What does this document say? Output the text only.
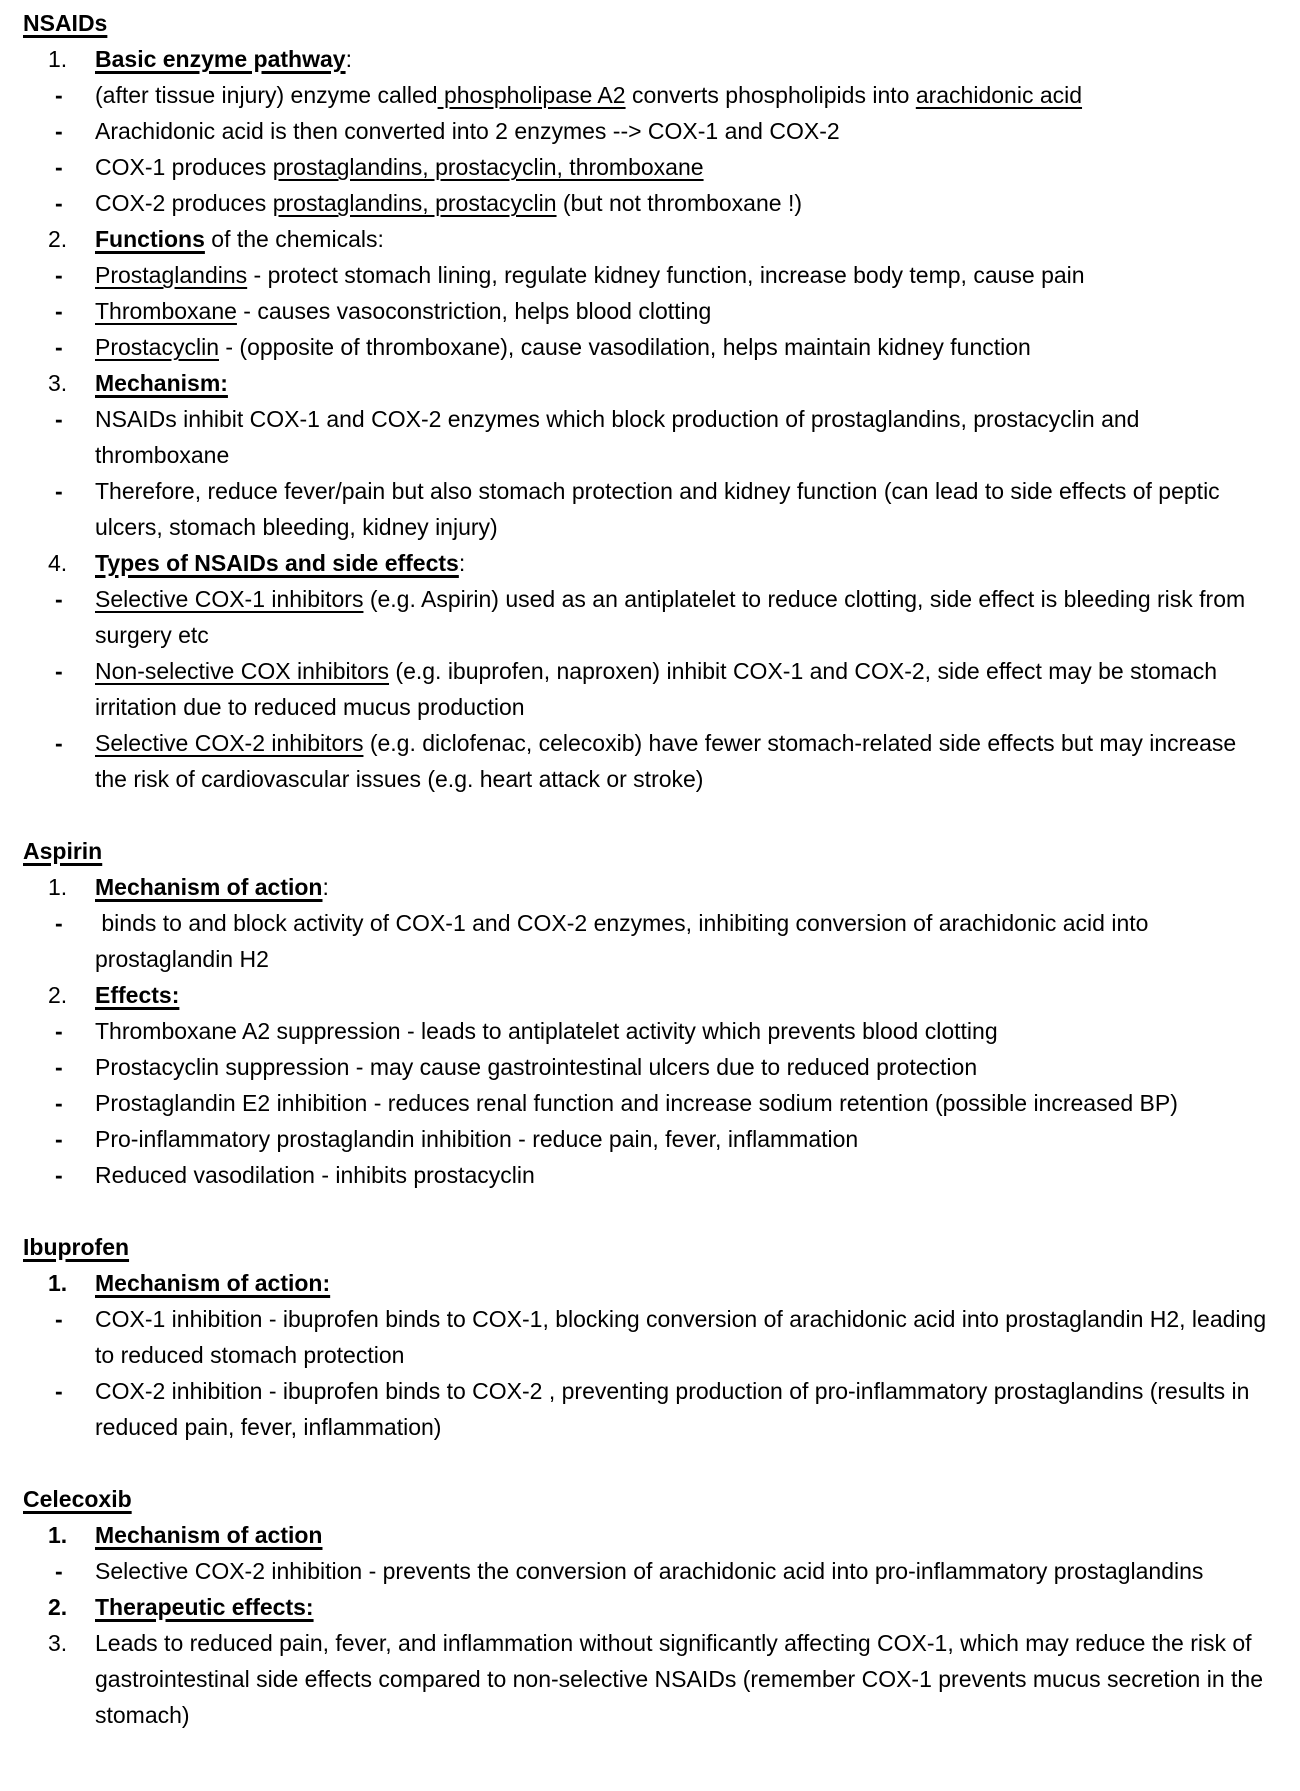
NSAIDs
1. Basic enzyme pathway:
- (after tissue injury) enzyme called phospholipase A2 converts phospholipids into arachidonic acid
- Arachidonic acid is then converted into 2 enzymes --> COX-1 and COX-2
- COX-1 produces prostaglandins, prostacyclin, thromboxane
- COX-2 produces prostaglandins, prostacyclin (but not thromboxane !)
2. Functions of the chemicals:
- Prostaglandins - protect stomach lining, regulate kidney function, increase body temp, cause pain
- Thromboxane - causes vasoconstriction, helps blood clotting
- Prostacyclin - (opposite of thromboxane), cause vasodilation, helps maintain kidney function
3. Mechanism:
- NSAIDs inhibit COX-1 and COX-2 enzymes which block production of prostaglandins, prostacyclin and thromboxane
- Therefore, reduce fever/pain but also stomach protection and kidney function (can lead to side effects of peptic ulcers, stomach bleeding, kidney injury)
4. Types of NSAIDs and side effects:
- Selective COX-1 inhibitors (e.g. Aspirin) used as an antiplatelet to reduce clotting, side effect is bleeding risk from surgery etc
- Non-selective COX inhibitors (e.g. ibuprofen, naproxen) inhibit COX-1 and COX-2, side effect may be stomach irritation due to reduced mucus production
- Selective COX-2 inhibitors (e.g. diclofenac, celecoxib) have fewer stomach-related side effects but may increase the risk of cardiovascular issues (e.g. heart attack or stroke)
Aspirin
1. Mechanism of action:
- binds to and block activity of COX-1 and COX-2 enzymes, inhibiting conversion of arachidonic acid into prostaglandin H2
2. Effects:
- Thromboxane A2 suppression - leads to antiplatelet activity which prevents blood clotting
- Prostacyclin suppression - may cause gastrointestinal ulcers due to reduced protection
- Prostaglandin E2 inhibition - reduces renal function and increase sodium retention (possible increased BP)
- Pro-inflammatory prostaglandin inhibition - reduce pain, fever, inflammation
- Reduced vasodilation - inhibits prostacyclin
Ibuprofen
1. Mechanism of action:
- COX-1 inhibition - ibuprofen binds to COX-1, blocking conversion of arachidonic acid into prostaglandin H2, leading to reduced stomach protection
- COX-2 inhibition - ibuprofen binds to COX-2 , preventing production of pro-inflammatory prostaglandins (results in reduced pain, fever, inflammation)
Celecoxib
1. Mechanism of action
- Selective COX-2 inhibition - prevents the conversion of arachidonic acid into pro-inflammatory prostaglandins
2. Therapeutic effects:
3. Leads to reduced pain, fever, and inflammation without significantly affecting COX-1, which may reduce the risk of gastrointestinal side effects compared to non-selective NSAIDs (remember COX-1 prevents mucus secretion in the stomach)
